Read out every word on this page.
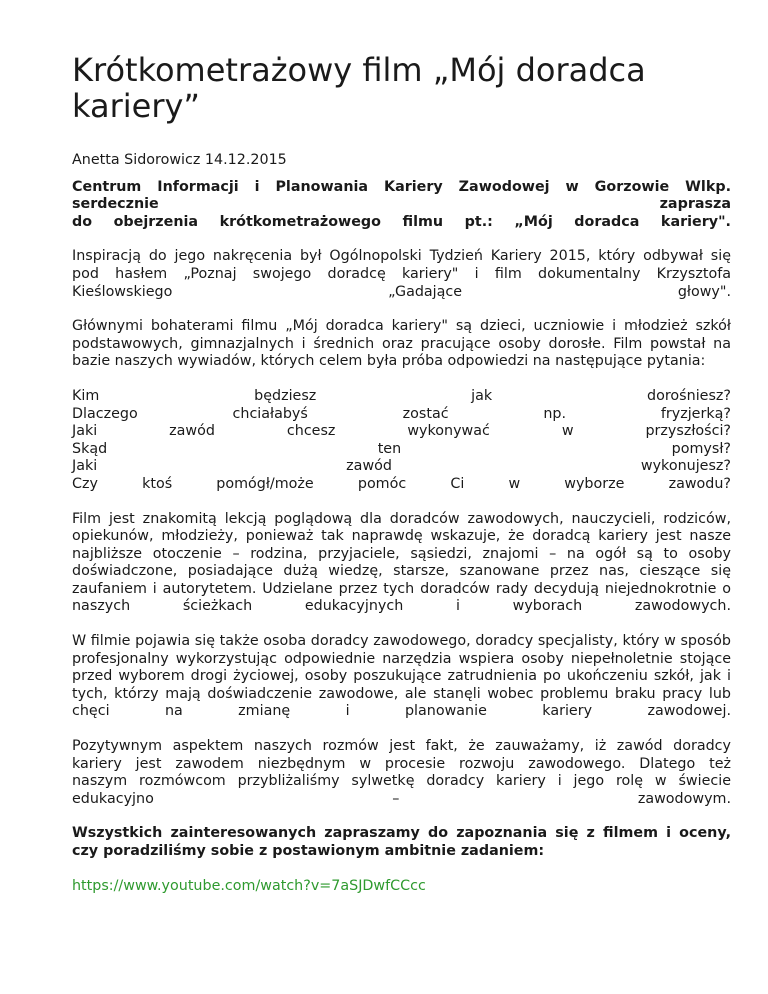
Krótkometrażowy film „Mój doradca kariery”

Anetta Sidorowicz 14.12.2015

Centrum Informacji i Planowania Kariery Zawodowej w Gorzowie Wlkp.
serdecznie zaprasza
do obejrzenia krótkometrażowego filmu pt.: „Mój doradca kariery".
Inspiracją do jego nakręcenia był Ogólnopolski Tydzień Kariery 2015, który odbywał się
pod hasłem „Poznaj swojego doradcę kariery" i film dokumentalny Krzysztofa
Kieślowskiego „Gadające głowy".

Głównymi bohaterami filmu „Mój doradca kariery" są dzieci, uczniowie i młodzież szkół podstawowych, gimnazjalnych i średnich oraz pracujące osoby dorosłe. Film powstał na bazie naszych wywiadów, których celem była próba odpowiedzi na następujące pytania:

Kim będziesz jak dorośniesz?
Dlaczego chciałabyś zostać np. fryzjerką?
Jaki zawód chcesz wykonywać w przyszłości?
Skąd ten pomysł?
Jaki zawód wykonujesz?
Czy ktoś pomógł/może pomóc Ci w wyborze zawodu?

Film jest znakomitą lekcją poglądową dla doradców zawodowych, nauczycieli, rodziców, opiekunów, młodzieży, ponieważ tak naprawdę wskazuje, że doradcą kariery jest nasze najbliższe otoczenie – rodzina, przyjaciele, sąsiedzi, znajomi – na ogół są to osoby doświadczone, posiadające dużą wiedzę, starsze, szanowane przez nas, cieszące się zaufaniem i autorytetem. Udzielane przez tych doradców rady decydują niejednokrotnie o naszych ścieżkach edukacyjnych i wyborach zawodowych.

W filmie pojawia się także osoba doradcy zawodowego, doradcy specjalisty, który w sposób profesjonalny wykorzystując odpowiednie narzędzia wspiera osoby niepełnoletnie stojące przed wyborem drogi życiowej, osoby poszukujące zatrudnienia po ukończeniu szkół, jak i tych, którzy mają doświadczenie zawodowe, ale stanęli wobec problemu braku pracy lub chęci na zmianę i planowanie kariery zawodowej.

Pozytywnym aspektem naszych rozmów jest fakt, że zauważamy, iż zawód doradcy
kariery jest zawodem niezbędnym w procesie rozwoju zawodowego. Dlatego też
naszym rozmówcom przybliżaliśmy sylwetkę doradcy kariery i jego rolę w świecie
edukacyjno – zawodowym.

Wszystkich zainteresowanych zapraszamy do zapoznania się z filmem i oceny, czy poradziliśmy sobie z postawionym ambitnie zadaniem:

https://www.youtube.com/watch?v=7aSJDwfCCcc
